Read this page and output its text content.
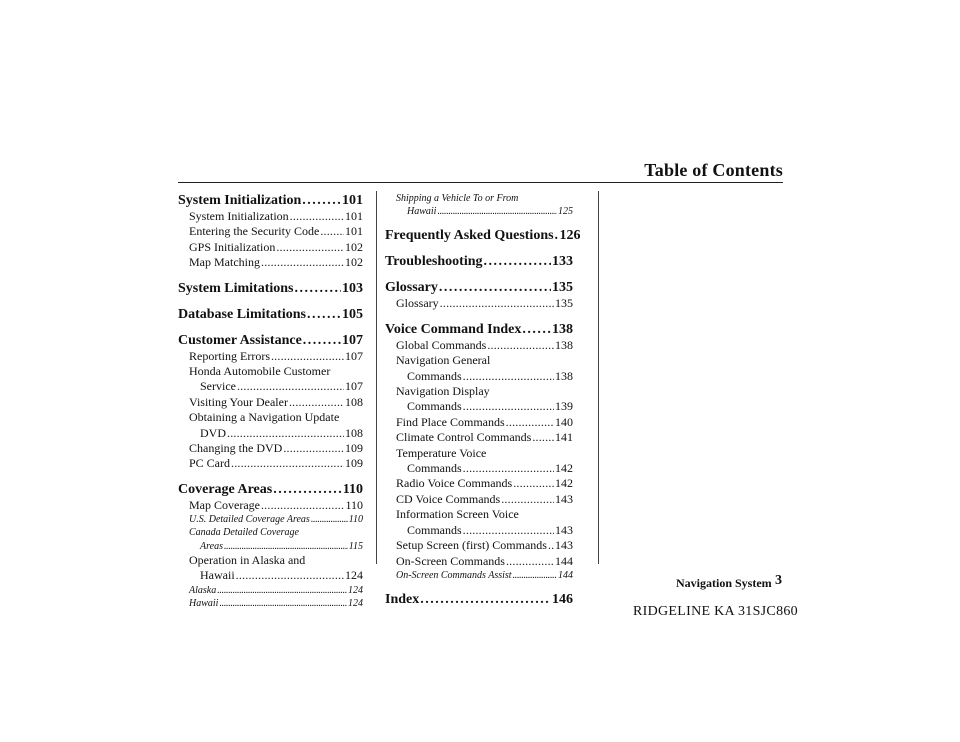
Table of Contents
System Initialization . . .	101
System Initialization . . .	101
Entering the Security Code . . . 101
GPS Initialization . . .	102
Map Matching . . .	102
System Limitations . . .	103
Database Limitations . . .	105
Customer Assistance . . .	107
Reporting Errors . . .	107
Honda Automobile Customer
Service . . .	107
Visiting Your Dealer . . .	108
Obtaining a Navigation Update
DVD . . .	108
Changing the DVD . . .	109
PC Card . . .	109
Coverage Areas . . .	110
Map Coverage . . .	110
U.S. Detailed Coverage Areas . . .	110
Canada Detailed Coverage
Areas . . .	115
Operation in Alaska and
Hawaii . . .	124
Alaska . . .	124
Hawaii . . .	124
Shipping a Vehicle To or From
Hawaii . . .	125
Frequently Asked Questions . . . 126
Troubleshooting . . .	133
Glossary . . .	135
Glossary . . .	135
Voice Command Index . . . 138
Global Commands . . .	138
Navigation General
Commands . . .	138
Navigation Display
Commands . . .	139
Find Place Commands . . .	140
Climate Control Commands . . . 141
Temperature Voice
Commands . . .	142
Radio Voice Commands . . .	142
CD Voice Commands . . .	143
Information Screen Voice
Commands . . .	143
Setup Screen (first) Commands . . . 143
On-Screen Commands . . .	144
On-Screen Commands Assist . . .	144
Index . . .	146
Navigation System 3
RIDGELINE KA 31SJC860
